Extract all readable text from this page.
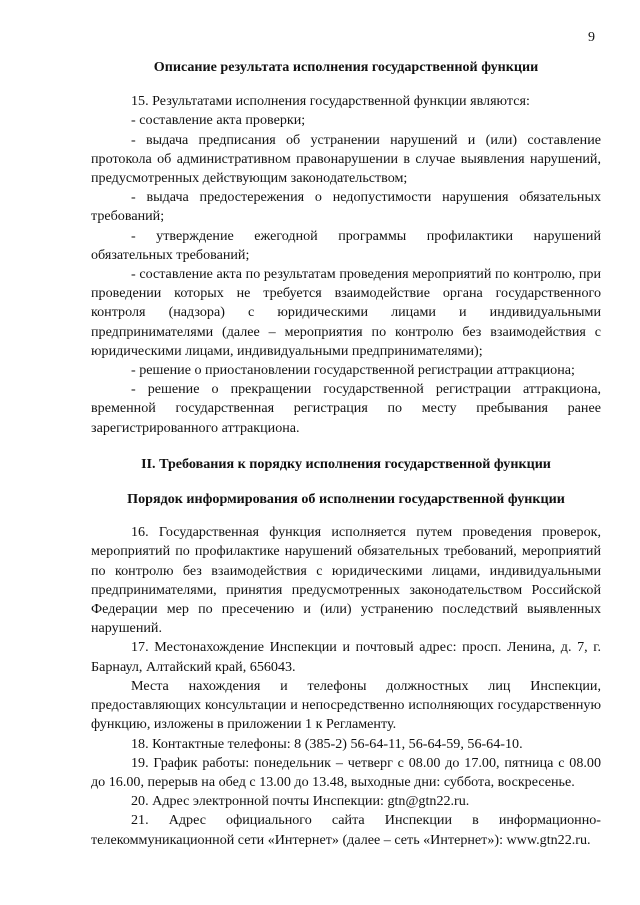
9
Описание результата исполнения государственной функции

15. Результатами исполнения государственной функции являются:

- составление акта проверки;

- выдача предписания об устранении нарушений и (или) составление протокола об административном правонарушении в случае выявления нарушений, предусмотренных действующим законодательством;

- выдача предостережения о недопустимости нарушения обязательных требований;

- утверждение ежегодной программы профилактики нарушений обязательных требований;

- составление акта по результатам проведения мероприятий по контролю, при проведении которых не требуется взаимодействие органа государственного контроля (надзора) с юридическими лицами и индивидуальными предпринимателями (далее – мероприятия по контролю без взаимодействия с юридическими лицами, индивидуальными предпринимателями);

- решение о приостановлении государственной регистрации аттракциона;

- решение о прекращении государственной регистрации аттракциона, временной государственная регистрация по месту пребывания ранее зарегистрированного аттракциона.

II. Требования к порядку исполнения государственной функции
Порядок информирования об исполнении государственной функции

16. Государственная функция исполняется путем проведения проверок, мероприятий по профилактике нарушений обязательных требований, мероприятий по контролю без взаимодействия с юридическими лицами, индивидуальными предпринимателями, принятия предусмотренных законодательством Российской Федерации мер по пресечению и (или) устранению последствий выявленных нарушений.

17. Местонахождение Инспекции и почтовый адрес: просп. Ленина, д. 7, г. Барнаул, Алтайский край, 656043.

Места нахождения и телефоны должностных лиц Инспекции, предоставляющих консультации и непосредственно исполняющих государственную функцию, изложены в приложении 1 к Регламенту.

18. Контактные телефоны: 8 (385-2) 56-64-11, 56-64-59, 56-64-10.

19. График работы: понедельник – четверг с 08.00 до 17.00, пятница с 08.00 до 16.00, перерыв на обед с 13.00 до 13.48, выходные дни: суббота, воскресенье.

20. Адрес электронной почты Инспекции: gtn@gtn22.ru.

21. Адрес официального сайта Инспекции в информационно-телекоммуникационной сети «Интернет» (далее – сеть «Интернет»): www.gtn22.ru.
